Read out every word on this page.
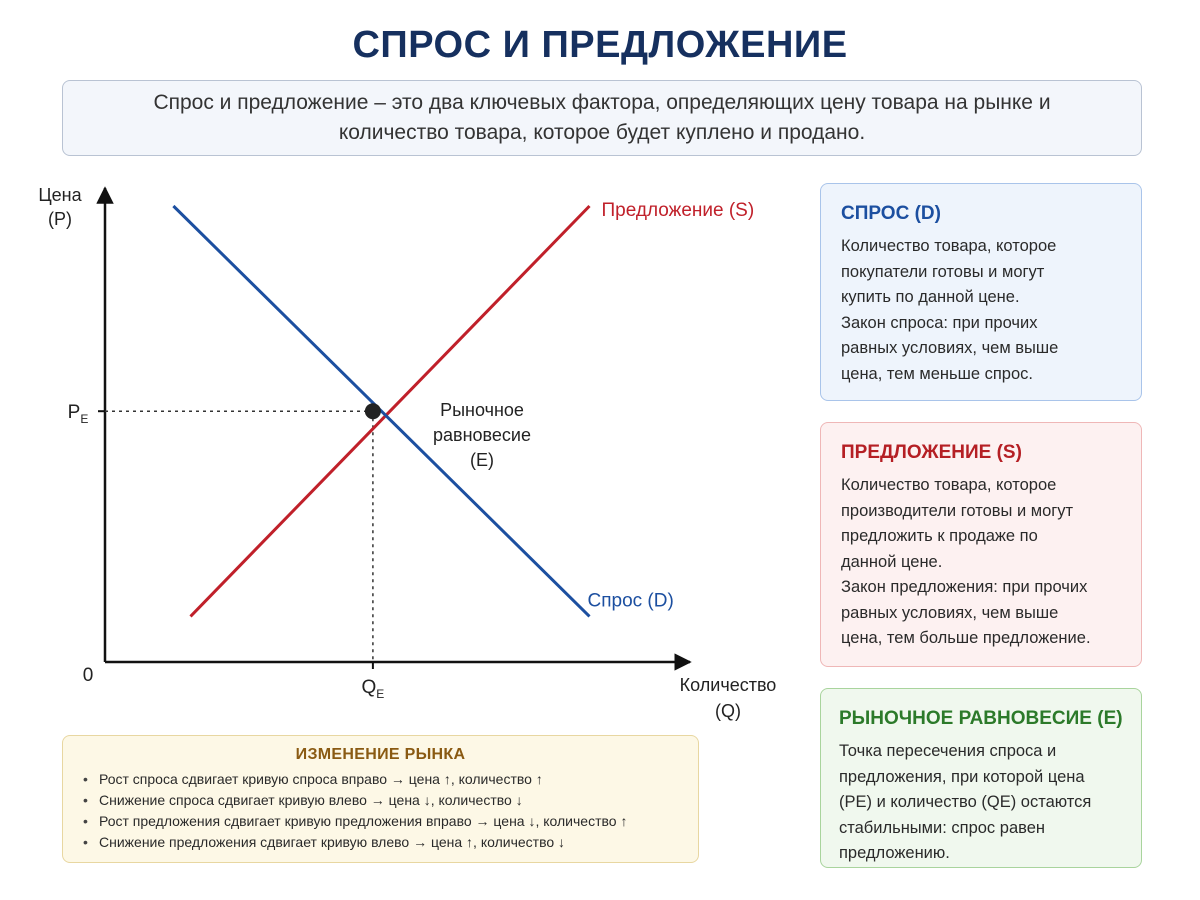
СПРОС И ПРЕДЛОЖЕНИЕ
Спрос и предложение – это два ключевых фактора, определяющих цену товара на рынке и количество товара, которое будет куплено и продано.
Цена
(P)
Количество
(Q)
0
$P_E$
$Q_E$
Предложение (S)
Спрос (D)
Рыночное
равновесие
(E)
СПРОС (D)

Количество товара, которое
покупатели готовы и могут
купить по данной цене.
Закон спроса: при прочих
равных условиях, чем выше
цена, тем меньше спрос.

ПРЕДЛОЖЕНИЕ (S)

Количество товара, которое
производители готовы и могут
предложить к продаже по
данной цене.
Закон предложения: при прочих
равных условиях, чем выше
цена, тем больше предложение.

РЫНОЧНОЕ РАВНОВЕСИЕ (E)

Точка пересечения спроса и
предложения, при которой цена
(PE) и количество (QE) остаются
стабильными: спрос равен
предложению.

ИЗМЕНЕНИЕ РЫНКА
• Рост спроса сдвигает кривую спроса вправо → цена ↑, количество ↑
• Снижение спроса сдвигает кривую влево → цена ↓, количество ↓
• Рост предложения сдвигает кривую предложения вправо → цена ↓, количество ↑
• Снижение предложения сдвигает кривую влево → цена ↑, количество ↓
